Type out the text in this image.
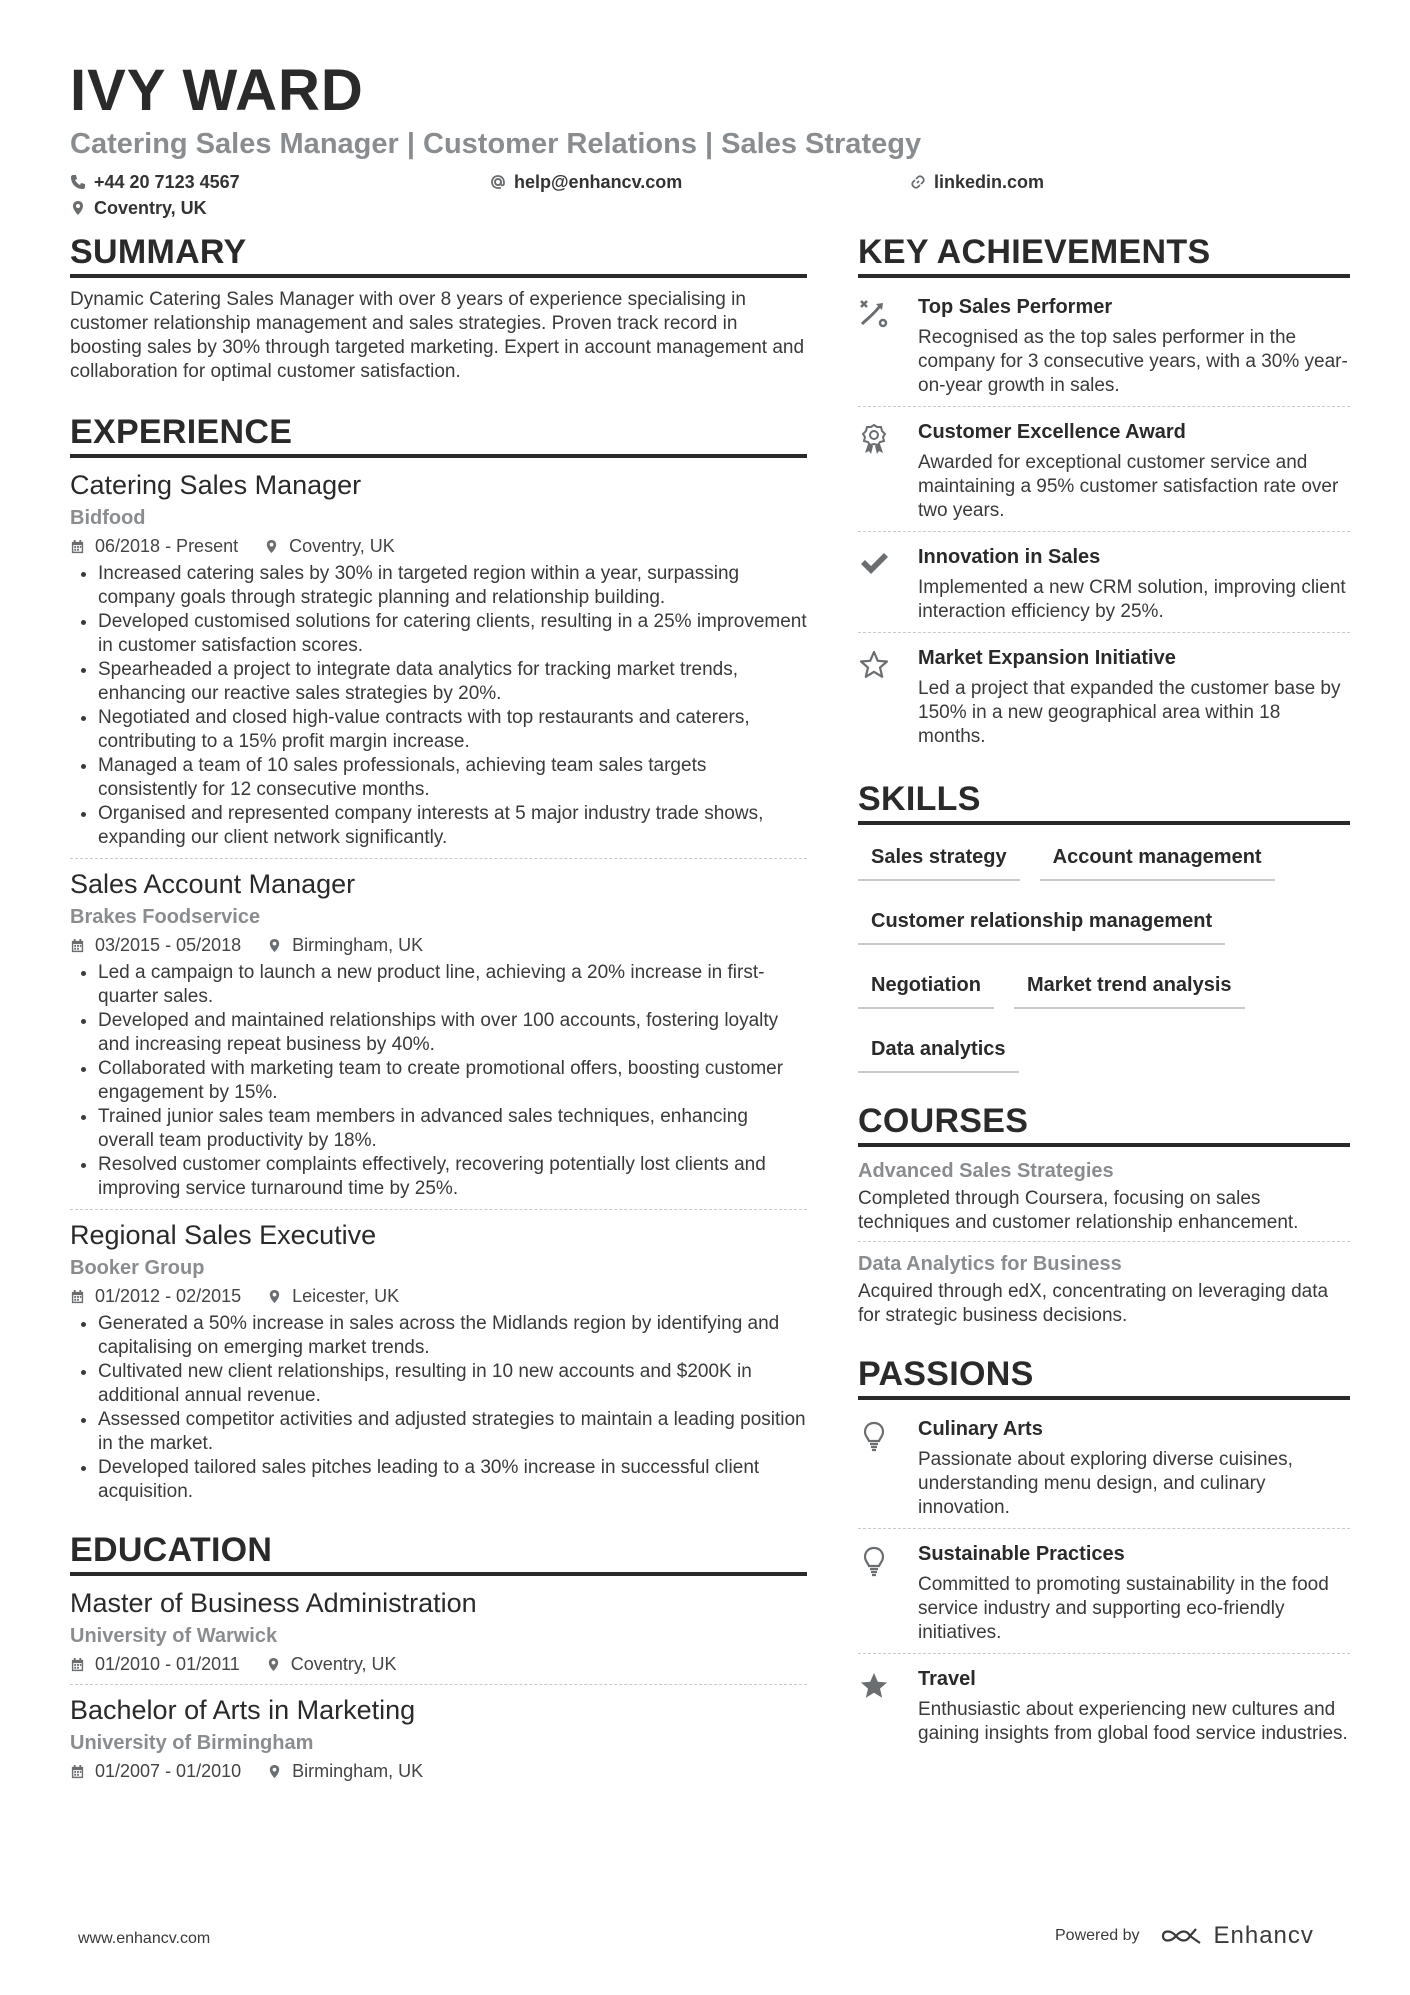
IVY WARD
Catering Sales Manager | Customer Relations | Sales Strategy
+44 20 7123 4567	help@enhancv.com	linkedin.com
Coventry, UK
SUMMARY

Dynamic Catering Sales Manager with over 8 years of experience specialising in customer relationship management and sales strategies. Proven track record in boosting sales by 30% through targeted marketing. Expert in account management and collaboration for optimal customer satisfaction.

EXPERIENCE
Catering Sales Manager
Bidfood
06/2018 - Present	Coventry, UK
• Increased catering sales by 30% in targeted region within a year, surpassing company goals through strategic planning and relationship building.
• Developed customised solutions for catering clients, resulting in a 25% improvement in customer satisfaction scores.
• Spearheaded a project to integrate data analytics for tracking market trends, enhancing our reactive sales strategies by 20%.
• Negotiated and closed high-value contracts with top restaurants and caterers, contributing to a 15% profit margin increase.
• Managed a team of 10 sales professionals, achieving team sales targets consistently for 12 consecutive months.
• Organised and represented company interests at 5 major industry trade shows, expanding our client network significantly.
Sales Account Manager
Brakes Foodservice
03/2015 - 05/2018	Birmingham, UK
• Led a campaign to launch a new product line, achieving a 20% increase in first-quarter sales.
• Developed and maintained relationships with over 100 accounts, fostering loyalty and increasing repeat business by 40%.
• Collaborated with marketing team to create promotional offers, boosting customer engagement by 15%.
• Trained junior sales team members in advanced sales techniques, enhancing overall team productivity by 18%.
• Resolved customer complaints effectively, recovering potentially lost clients and improving service turnaround time by 25%.
Regional Sales Executive
Booker Group
01/2012 - 02/2015	Leicester, UK
• Generated a 50% increase in sales across the Midlands region by identifying and capitalising on emerging market trends.
• Cultivated new client relationships, resulting in 10 new accounts and $200K in additional annual revenue.
• Assessed competitor activities and adjusted strategies to maintain a leading position in the market.
• Developed tailored sales pitches leading to a 30% increase in successful client acquisition.
EDUCATION
Master of Business Administration
University of Warwick
01/2010 - 01/2011	Coventry, UK
Bachelor of Arts in Marketing
University of Birmingham
01/2007 - 01/2010	Birmingham, UK
KEY ACHIEVEMENTS
Top Sales Performer
Recognised as the top sales performer in the company for 3 consecutive years, with a 30% year-on-year growth in sales.
Customer Excellence Award
Awarded for exceptional customer service and maintaining a 95% customer satisfaction rate over two years.
Innovation in Sales
Implemented a new CRM solution, improving client interaction efficiency by 25%.
Market Expansion Initiative
Led a project that expanded the customer base by 150% in a new geographical area within 18 months.
SKILLS
Sales strategy	Account management
Customer relationship management
Negotiation	Market trend analysis
Data analytics
COURSES
Advanced Sales Strategies
Completed through Coursera, focusing on sales techniques and customer relationship enhancement.
Data Analytics for Business
Acquired through edX, concentrating on leveraging data for strategic business decisions.
PASSIONS
Culinary Arts
Passionate about exploring diverse cuisines, understanding menu design, and culinary innovation.
Sustainable Practices
Committed to promoting sustainability in the food service industry and supporting eco-friendly initiatives.
Travel
Enthusiastic about experiencing new cultures and gaining insights from global food service industries.
www.enhancv.com	Powered by	Enhancv
